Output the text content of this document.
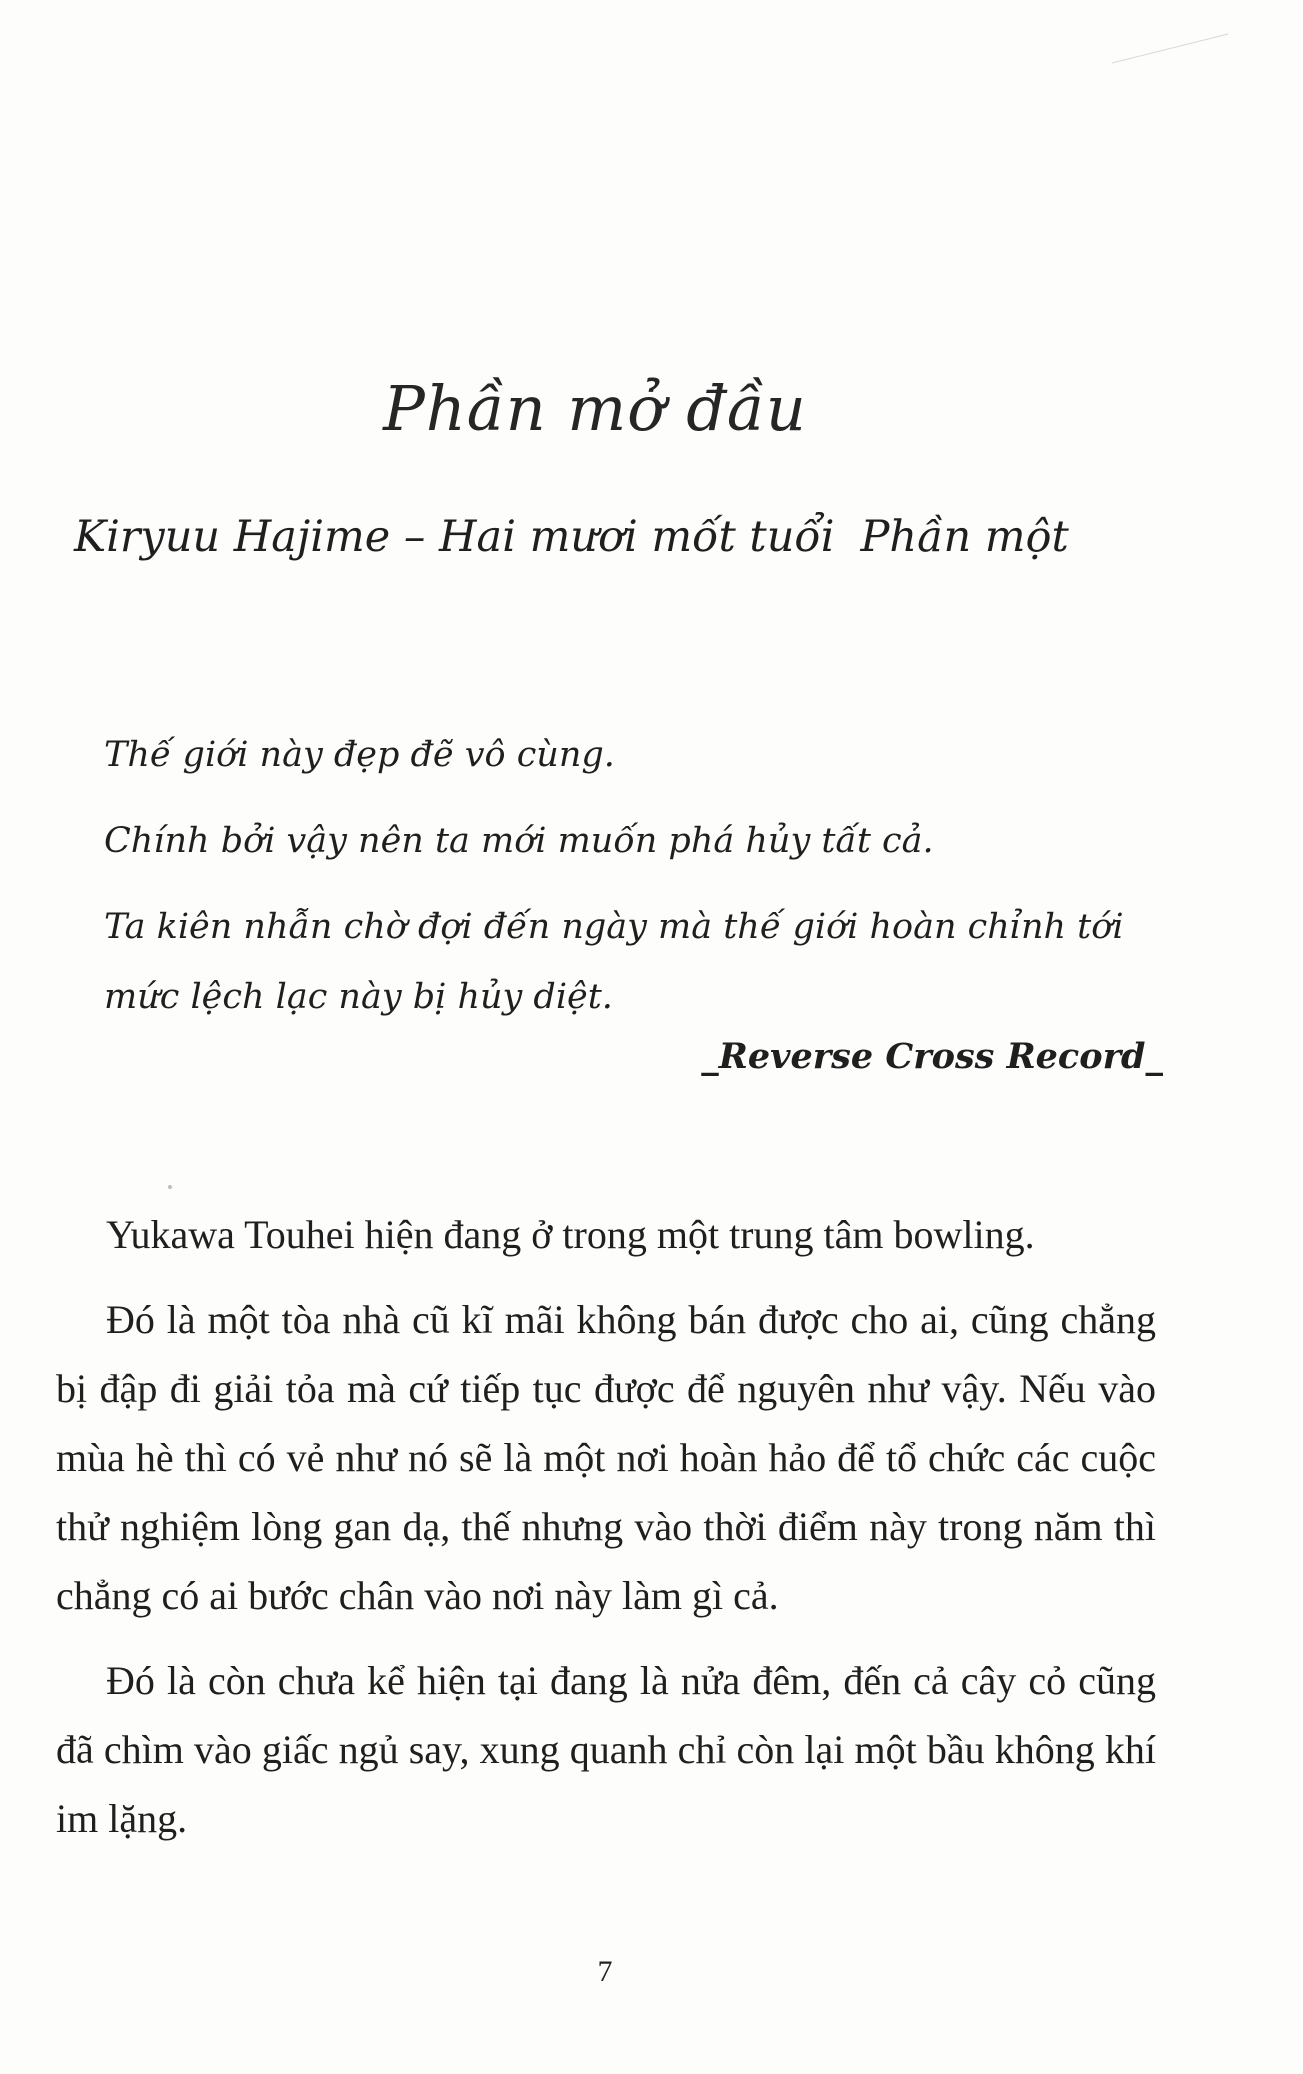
Phần mở đầu
Kiryuu Hajime – Hai mươi mốt tuổi Phần một

Thế giới này đẹp đẽ vô cùng.

Chính bởi vậy nên ta mới muốn phá hủy tất cả.

Ta kiên nhẫn chờ đợi đến ngày mà thế giới hoàn chỉnh tới mức lệch lạc này bị hủy diệt.

_Reverse Cross Record_

Yukawa Touhei hiện đang ở trong một trung tâm bowling.

Đó là một tòa nhà cũ kĩ mãi không bán được cho ai, cũng chẳng bị đập đi giải tỏa mà cứ tiếp tục được để nguyên như vậy. Nếu vào mùa hè thì có vẻ như nó sẽ là một nơi hoàn hảo để tổ chức các cuộc thử nghiệm lòng gan dạ, thế nhưng vào thời điểm này trong năm thì chẳng có ai bước chân vào nơi này làm gì cả.

Đó là còn chưa kể hiện tại đang là nửa đêm, đến cả cây cỏ cũng đã chìm vào giấc ngủ say, xung quanh chỉ còn lại một bầu không khí im lặng.

7
